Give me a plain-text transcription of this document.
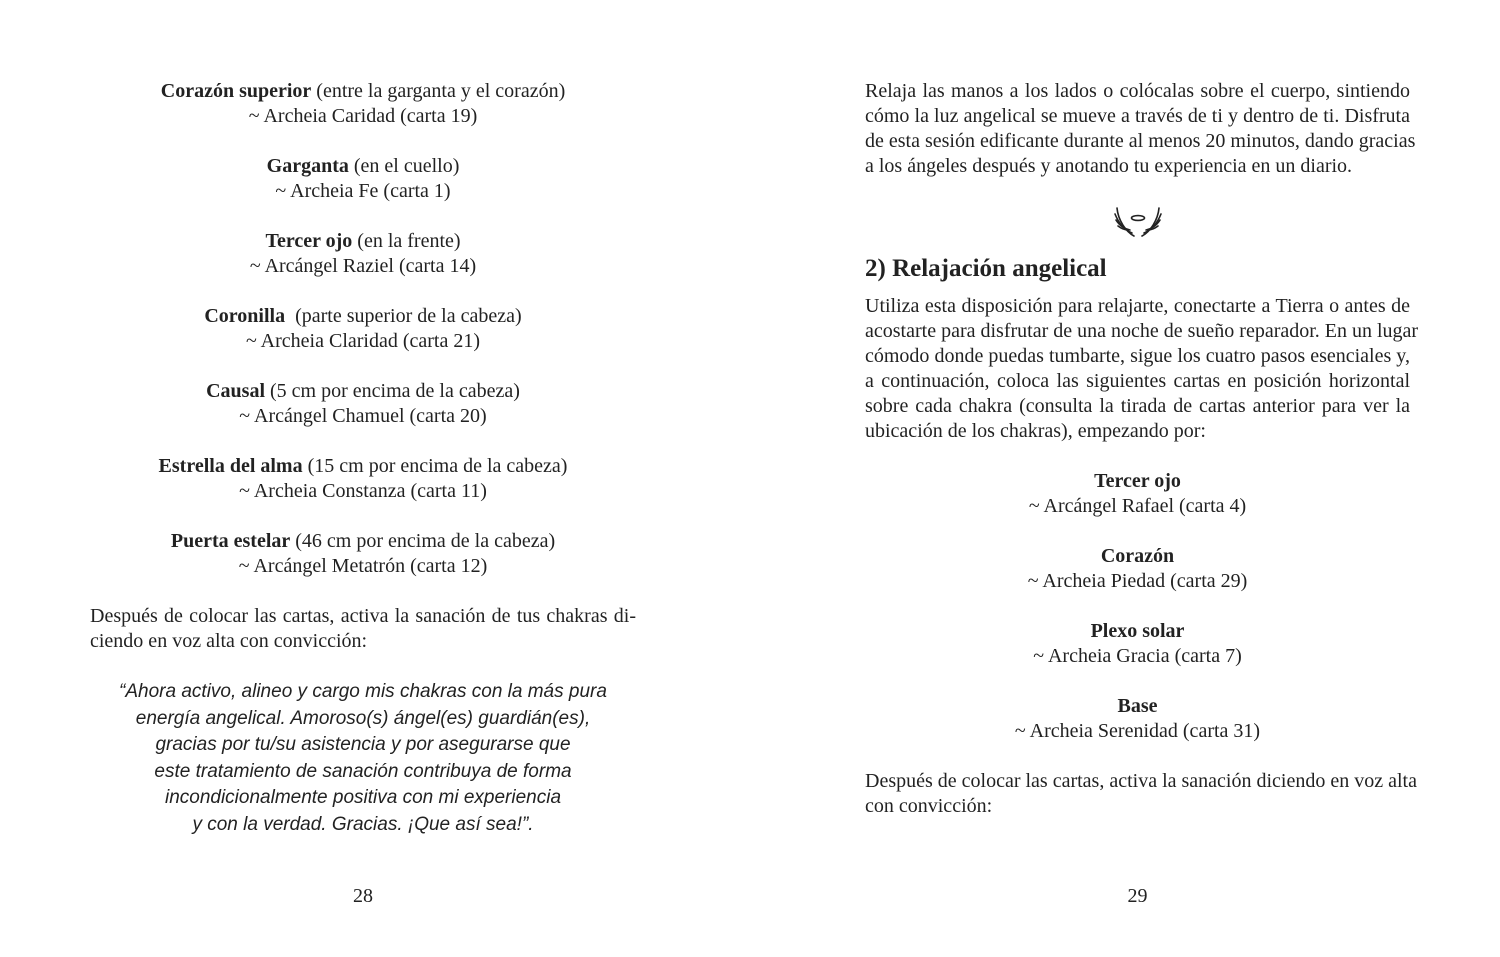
Corazón superior (entre la garganta y el corazón)
~ Archeia Caridad (carta 19)
Garganta (en el cuello)
~ Archeia Fe (carta 1)
Tercer ojo (en la frente)
~ Arcángel Raziel (carta 14)
Coronilla  (parte superior de la cabeza)
~ Archeia Claridad (carta 21)
Causal (5 cm por encima de la cabeza)
~ Arcángel Chamuel (carta 20)
Estrella del alma (15 cm por encima de la cabeza)
~ Archeia Constanza (carta 11)
Puerta estelar (46 cm por encima de la cabeza)
~ Arcángel Metatrón (carta 12)
Después de colocar las cartas, activa la sanación de tus chakras di-
ciendo en voz alta con convicción:
“Ahora activo, alineo y cargo mis chakras con la más pura
energía angelical. Amoroso(s) ángel(es) guardián(es),
gracias por tu/su asistencia y por asegurarse que
este tratamiento de sanación contribuya de forma
incondicionalmente positiva con mi experiencia
y con la verdad. Gracias. ¡Que así sea!”.
28
Relaja las manos a los lados o colócalas sobre el cuerpo, sintiendo
cómo la luz angelical se mueve a través de ti y dentro de ti. Disfruta
de esta sesión edificante durante al menos 20 minutos, dando gracias
a los ángeles después y anotando tu experiencia en un diario.
2) Relajación angelical
Utiliza esta disposición para relajarte, conectarte a Tierra o antes de
acostarte para disfrutar de una noche de sueño reparador. En un lugar
cómodo donde puedas tumbarte, sigue los cuatro pasos esenciales y,
a continuación, coloca las siguientes cartas en posición horizontal
sobre cada chakra (consulta la tirada de cartas anterior para ver la
ubicación de los chakras), empezando por:
Tercer ojo
~ Arcángel Rafael (carta 4)
Corazón
~ Archeia Piedad (carta 29)
Plexo solar
~ Archeia Gracia (carta 7)
Base
~ Archeia Serenidad (carta 31)
Después de colocar las cartas, activa la sanación diciendo en voz alta
con convicción:
29
